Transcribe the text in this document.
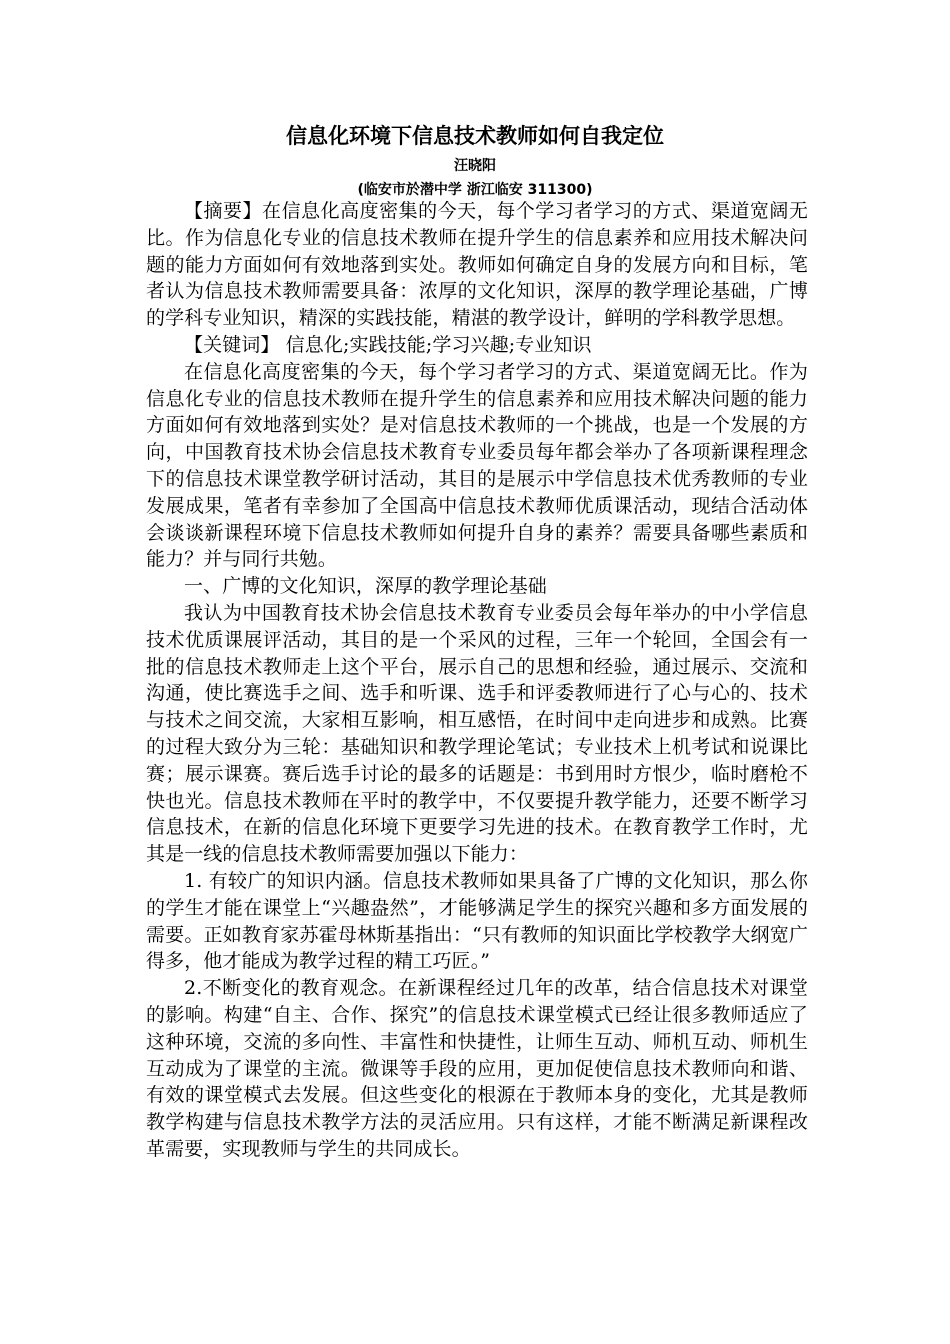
信息化环境下信息技术教师如何自我定位

汪晓阳

(临安市於潜中学 浙江临安 311300)

【摘要】在信息化高度密集的今天，每个学习者学习的方式、渠道宽阔无比。作为信息化专业的信息技术教师在提升学生的信息素养和应用技术解决问题的能力方面如何有效地落到实处。教师如何确定自身的发展方向和目标，笔者认为信息技术教师需要具备：浓厚的文化知识，深厚的教学理论基础，广博的学科专业知识，精深的实践技能，精湛的教学设计，鲜明的学科教学思想。

【关键词】 信息化;实践技能;学习兴趣;专业知识

在信息化高度密集的今天，每个学习者学习的方式、渠道宽阔无比。作为信息化专业的信息技术教师在提升学生的信息素养和应用技术解决问题的能力方面如何有效地落到实处？是对信息技术教师的一个挑战，也是一个发展的方向，中国教育技术协会信息技术教育专业委员每年都会举办了各项新课程理念下的信息技术课堂教学研讨活动，其目的是展示中学信息技术优秀教师的专业发展成果，笔者有幸参加了全国高中信息技术教师优质课活动，现结合活动体会谈谈新课程环境下信息技术教师如何提升自身的素养？需要具备哪些素质和能力？并与同行共勉。

一、广博的文化知识，深厚的教学理论基础

我认为中国教育技术协会信息技术教育专业委员会每年举办的中小学信息技术优质课展评活动，其目的是一个采风的过程，三年一个轮回，全国会有一批的信息技术教师走上这个平台，展示自己的思想和经验，通过展示、交流和沟通，使比赛选手之间、选手和听课、选手和评委教师进行了心与心的、技术与技术之间交流，大家相互影响，相互感悟，在时间中走向进步和成熟。比赛的过程大致分为三轮：基础知识和教学理论笔试；专业技术上机考试和说课比赛；展示课赛。赛后选手讨论的最多的话题是：书到用时方恨少，临时磨枪不快也光。信息技术教师在平时的教学中，不仅要提升教学能力，还要不断学习信息技术，在新的信息化环境下更要学习先进的技术。在教育教学工作时，尤其是一线的信息技术教师需要加强以下能力：

1. 有较广的知识内涵。信息技术教师如果具备了广博的文化知识，那么你的学生才能在课堂上“兴趣盎然”，才能够满足学生的探究兴趣和多方面发展的需要。正如教育家苏霍母林斯基指出：“只有教师的知识面比学校教学大纲宽广得多，他才能成为教学过程的精工巧匠。”

2.不断变化的教育观念。在新课程经过几年的改革，结合信息技术对课堂的影响。构建“自主、合作、探究”的信息技术课堂模式已经让很多教师适应了这种环境，交流的多向性、丰富性和快捷性，让师生互动、师机互动、师机生互动成为了课堂的主流。微课等手段的应用，更加促使信息技术教师向和谐、有效的课堂模式去发展。但这些变化的根源在于教师本身的变化，尤其是教师教学构建与信息技术教学方法的灵活应用。只有这样，才能不断满足新课程改革需要，实现教师与学生的共同成长。
